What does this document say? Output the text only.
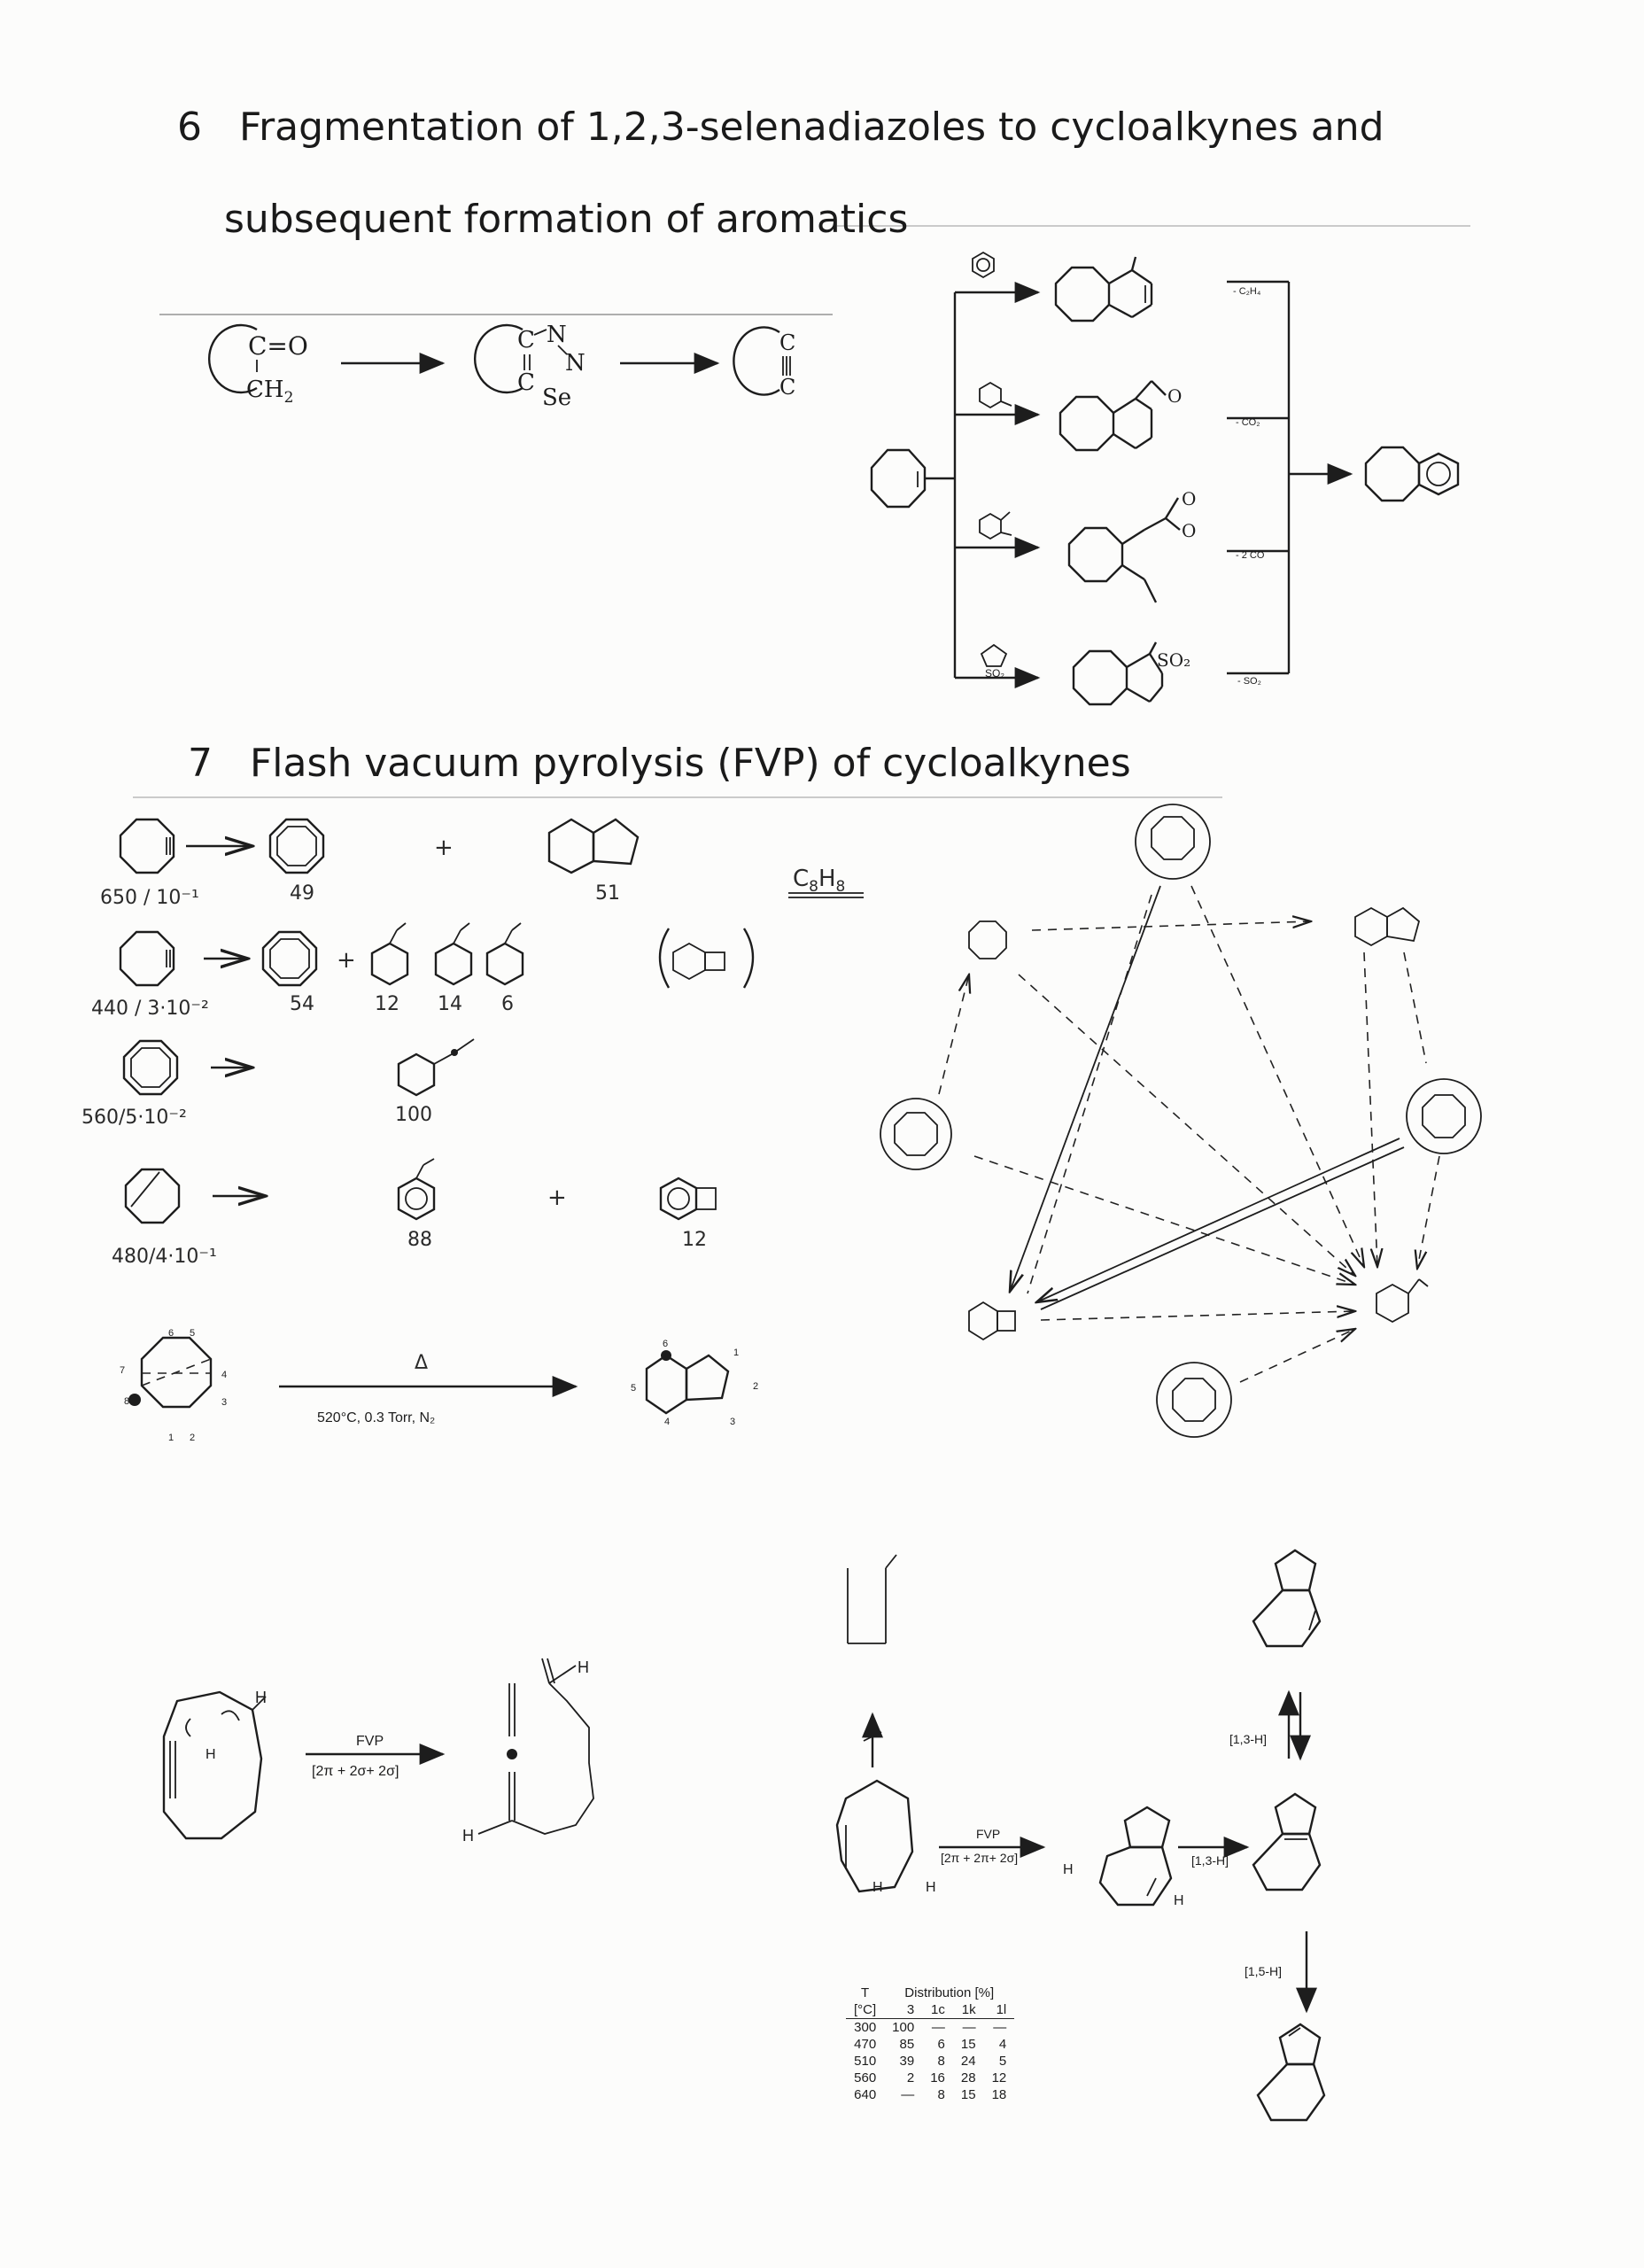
6 Fragmentation of 1,2,3-selenadiazoles to cycloalkynes and
subsequent formation of aromatics
7 Flash vacuum pyrolysis (FVP) of cycloalkynes
C=O
$CH_2$
C N
N
C
Se
C
C
SO₂
O
O
O
SO₂
- C₂H₄
- CO₂
- 2 CO
- SO₂
+
650 / 10⁻¹	49	51
+
440 / 3·10⁻²	54	12 14 6
560/5·10⁻²	100
+
480/4·10⁻¹
88	12
6 5
4
3
2
1
8
7	Δ
520°C, 0.3 Torr, N₂
6
1
2
3
4
5
$C_8H_8$
H
H
FVP
[2π + 2σ+ 2σ]
H
H
H	H
FVP
[2π + 2π+ 2σ]
H
H
[1,3-H]
[1,3-H]
[1,5-H]
T	Distribution [%]			
[°C]	3	1c	1k	1l
300	100	—	—	—
470	85	6	15	4
510	39	8	24	5
560	2	16	28	12
640	—	8	15	18
